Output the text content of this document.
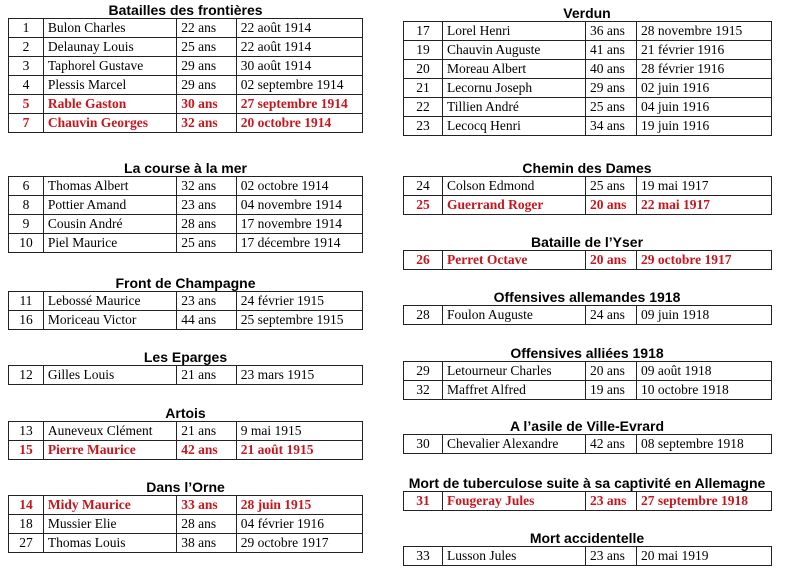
Batailles des frontières
1	Bulon Charles	22 ans	22 août 1914
2	Delaunay Louis	25 ans	22 août 1914
3	Taphorel Gustave	29 ans	30 août 1914
4	Plessis Marcel	29 ans	02 septembre 1914
5	Rable Gaston	30 ans	27 septembre 1914
7	Chauvin Georges	32 ans	20 octobre 1914
La course à la mer
6	Thomas Albert	32 ans	02 octobre 1914
8	Pottier Amand	23 ans	04 novembre 1914
9	Cousin André	28 ans	17 novembre 1914
10	Piel Maurice	25 ans	17 décembre 1914
Front de Champagne
11	Lebossé Maurice	23 ans	24 février 1915
16	Moriceau Victor	44 ans	25 septembre 1915
Les Eparges
12	Gilles Louis	21 ans	23 mars 1915
Artois
13	Auneveux Clément	21 ans	9 mai 1915
15	Pierre Maurice	42 ans	21 août 1915
Dans l’Orne
14	Midy Maurice	33 ans	28 juin 1915
18	Mussier Elie	28 ans	04 février 1916
27	Thomas Louis	38 ans	29 octobre 1917
Verdun
17	Lorel Henri	36 ans	28 novembre 1915
19	Chauvin Auguste	41 ans	21 février 1916
20	Moreau Albert	40 ans	28 février 1916
21	Lecornu Joseph	29 ans	02 juin 1916
22	Tillien André	25 ans	04 juin 1916
23	Lecocq Henri	34 ans	19 juin 1916
Chemin des Dames
24	Colson Edmond	25 ans	19 mai 1917
25	Guerrand Roger	20 ans	22 mai 1917
Bataille de l’Yser
26	Perret Octave	20 ans	29 octobre 1917
Offensives allemandes 1918
28	Foulon Auguste	24 ans	09 juin 1918
Offensives alliées 1918
29	Letourneur Charles	20 ans	09 août 1918
32	Maffret Alfred	19 ans	10 octobre 1918
A l’asile de Ville-Evrard
30	Chevalier Alexandre	42 ans	08 septembre 1918
Mort de tuberculose suite à sa captivité en Allemagne
31	Fougeray Jules	23 ans	27 septembre 1918
Mort accidentelle
33	Lusson Jules	23 ans	20 mai 1919
